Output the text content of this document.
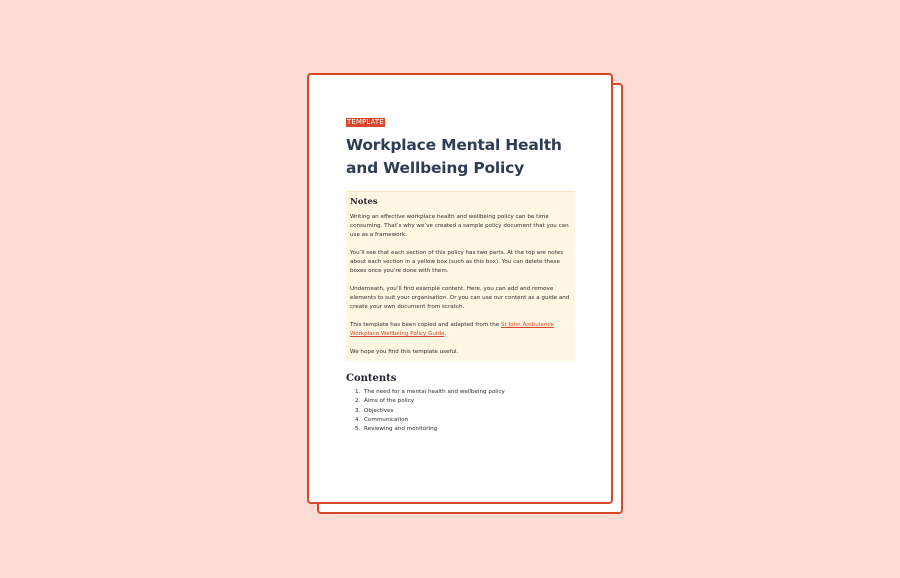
TEMPLATE
Workplace Mental Health
and Wellbeing Policy
Notes

Writing an effective workplace health and wellbeing policy can be time consuming. That’s why we’ve created a sample policy document that you can use as a framework.

You’ll see that each section of this policy has two parts. At the top are notes about each section in a yellow box (such as this box). You can delete these boxes once you’re done with them.

Underneath, you’ll find example content. Here, you can add and remove elements to suit your organisation. Or you can use our content as a guide and create your own document from scratch.

This template has been copied and adapted from the St John Ambulance Workplace Wellbeing Policy Guide.

We hope you find this template useful.

Contents
1. The need for a mental health and wellbeing policy
2. Aims of the policy
3. Objectives
4. Communication
5. Reviewing and monitoring
